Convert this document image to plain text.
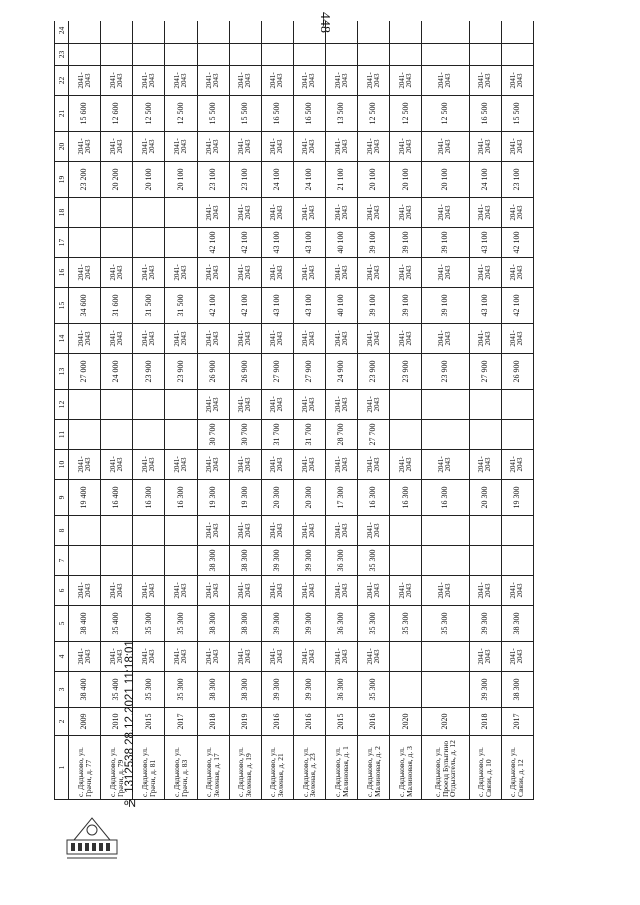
448
1	2	3	4	5	6	7	8	9	10	11	12	13	14	15	16	17	18	19	20	21	22	23	24
с. Дядьково, ул. Грачи, д. 77	2009	38 400	2041-2043	38 400	2041-2043			19 400	2041-2043			27 000	2041-2043	34 600	2041-2043			23 200	2041-2043	15 600	2041-2043		
с. Дядьково, ул. Грачи, д. 79	2010	35 400	2041-2043	35 400	2041-2043			16 400	2041-2043			24 000	2041-2043	31 600	2041-2043			20 200	2041-2043	12 600	2041-2043		
с. Дядьково, ул. Грачи, д. 81	2015	35 300	2041-2043	35 300	2041-2043			16 300	2041-2043			23 900	2041-2043	31 500	2041-2043			20 100	2041-2043	12 500	2041-2043		
с. Дядьково, ул. Грачи, д. 83	2017	35 300	2041-2043	35 300	2041-2043			16 300	2041-2043			23 900	2041-2043	31 500	2041-2043			20 100	2041-2043	12 500	2041-2043		
с. Дядьково, ул. Зеленая, д. 17	2018	38 300	2041-2043	38 300	2041-2043	38 300	2041-2043	19 300	2041-2043	30 700	2041-2043	26 900	2041-2043	42 100	2041-2043	42 100	2041-2043	23 100	2041-2043	15 500	2041-2043		
с. Дядьково, ул. Зеленая, д. 19	2019	38 300	2041-2043	38 300	2041-2043	38 300	2041-2043	19 300	2041-2043	30 700	2041-2043	26 900	2041-2043	42 100	2041-2043	42 100	2041-2043	23 100	2041-2043	15 500	2041-2043		
с. Дядьково, ул. Зеленая, д. 21	2016	39 300	2041-2043	39 300	2041-2043	39 300	2041-2043	20 300	2041-2043	31 700	2041-2043	27 900	2041-2043	43 100	2041-2043	43 100	2041-2043	24 100	2041-2043	16 500	2041-2043		
с. Дядьково, ул. Зеленая, д. 23	2016	39 300	2041-2043	39 300	2041-2043	39 300	2041-2043	20 300	2041-2043	31 700	2041-2043	27 900	2041-2043	43 100	2041-2043	43 100	2041-2043	24 100	2041-2043	16 500	2041-2043		
с. Дядьково, ул. Малиновая, д. 1	2015	36 300	2041-2043	36 300	2041-2043	36 300	2041-2043	17 300	2041-2043	28 700	2041-2043	24 900	2041-2043	40 100	2041-2043	40 100	2041-2043	21 100	2041-2043	13 500	2041-2043		
с. Дядьково, ул. Малиновая, д. 2	2016	35 300	2041-2043	35 300	2041-2043	35 300	2041-2043	16 300	2041-2043	27 700	2041-2043	23 900	2041-2043	39 100	2041-2043	39 100	2041-2043	20 100	2041-2043	12 500	2041-2043		
с. Дядьково, ул. Малиновая, д. 3	2020			35 300	2041-2043			16 300	2041-2043			23 900	2041-2043	39 100	2041-2043	39 100	2041-2043	20 100	2041-2043	12 500	2041-2043		
с. Дядьково, ул. Проезд Булыгино Отдыхатель, д. 12	2020			35 300	2041-2043			16 300	2041-2043			23 900	2041-2043	39 100	2041-2043	39 100	2041-2043	20 100	2041-2043	12 500	2041-2043		
с. Дядьково, ул. Связи, д. 10	2018	39 300	2041-2043	39 300	2041-2043			20 300	2041-2043			27 900	2041-2043	43 100	2041-2043	43 100	2041-2043	24 100	2041-2043	16 500	2041-2043		
с. Дядьково, ул. Связи, д. 12	2017	38 300	2041-2043	38 300	2041-2043			19 300	2041-2043			26 900	2041-2043	42 100	2041-2043	42 100	2041-2043	23 100	2041-2043	15 500	2041-2043		
№ 1312538 28.12.2021 11:18:01
